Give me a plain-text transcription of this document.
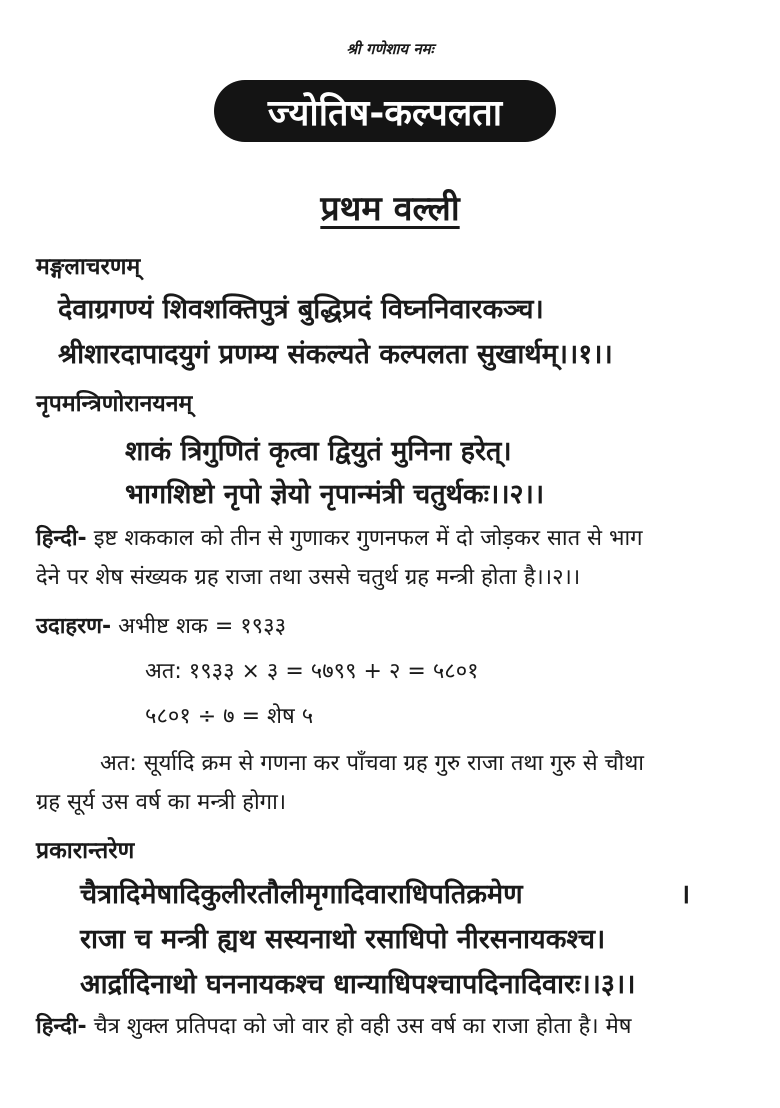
श्री गणेशाय नमः
ज्योतिष-कल्पलता
प्रथम वल्ली
मङ्गलाचरणम्
देवाग्रगण्यं शिवशक्तिपुत्रं बुद्धिप्रदं विघ्ननिवारकञ्च।
श्रीशारदापादयुगं प्रणम्य संकल्यते कल्पलता सुखार्थम्।।१।।
नृपमन्त्रिणोरानयनम्
शाकं त्रिगुणितं कृत्वा द्वियुतं मुनिना हरेत्।
भागशिष्टो नृपो ज्ञेयो नृपान्मंत्री चतुर्थकः।।२।।
हिन्दी- इष्ट शककाल को तीन से गुणाकर गुणनफल में दो जोड़कर सात से भाग
देने पर शेष संख्यक ग्रह राजा तथा उससे चतुर्थ ग्रह मन्त्री होता है।।२।।
उदाहरण- अभीष्ट शक = १९३३
अत: १९३३ × ३ = ५७९९ + २ = ५८०१
५८०१ ÷ ७ = शेष ५
अत: सूर्यादि क्रम से गणना कर पाँचवा ग्रह गुरु राजा तथा गुरु से चौथा
ग्रह सूर्य उस वर्ष का मन्त्री होगा।
प्रकारान्तरेण
चैत्रादिमेषादिकुलीरतौलीमृगादिवाराधिपतिक्रमेण	।
राजा च मन्त्री ह्यथ सस्यनाथो रसाधिपो नीरसनायकश्च।
आर्द्रादिनाथो घननायकश्च धान्याधिपश्चापदिनादिवारः।।३।।
हिन्दी- चैत्र शुक्ल प्रतिपदा को जो वार हो वही उस वर्ष का राजा होता है। मेष
